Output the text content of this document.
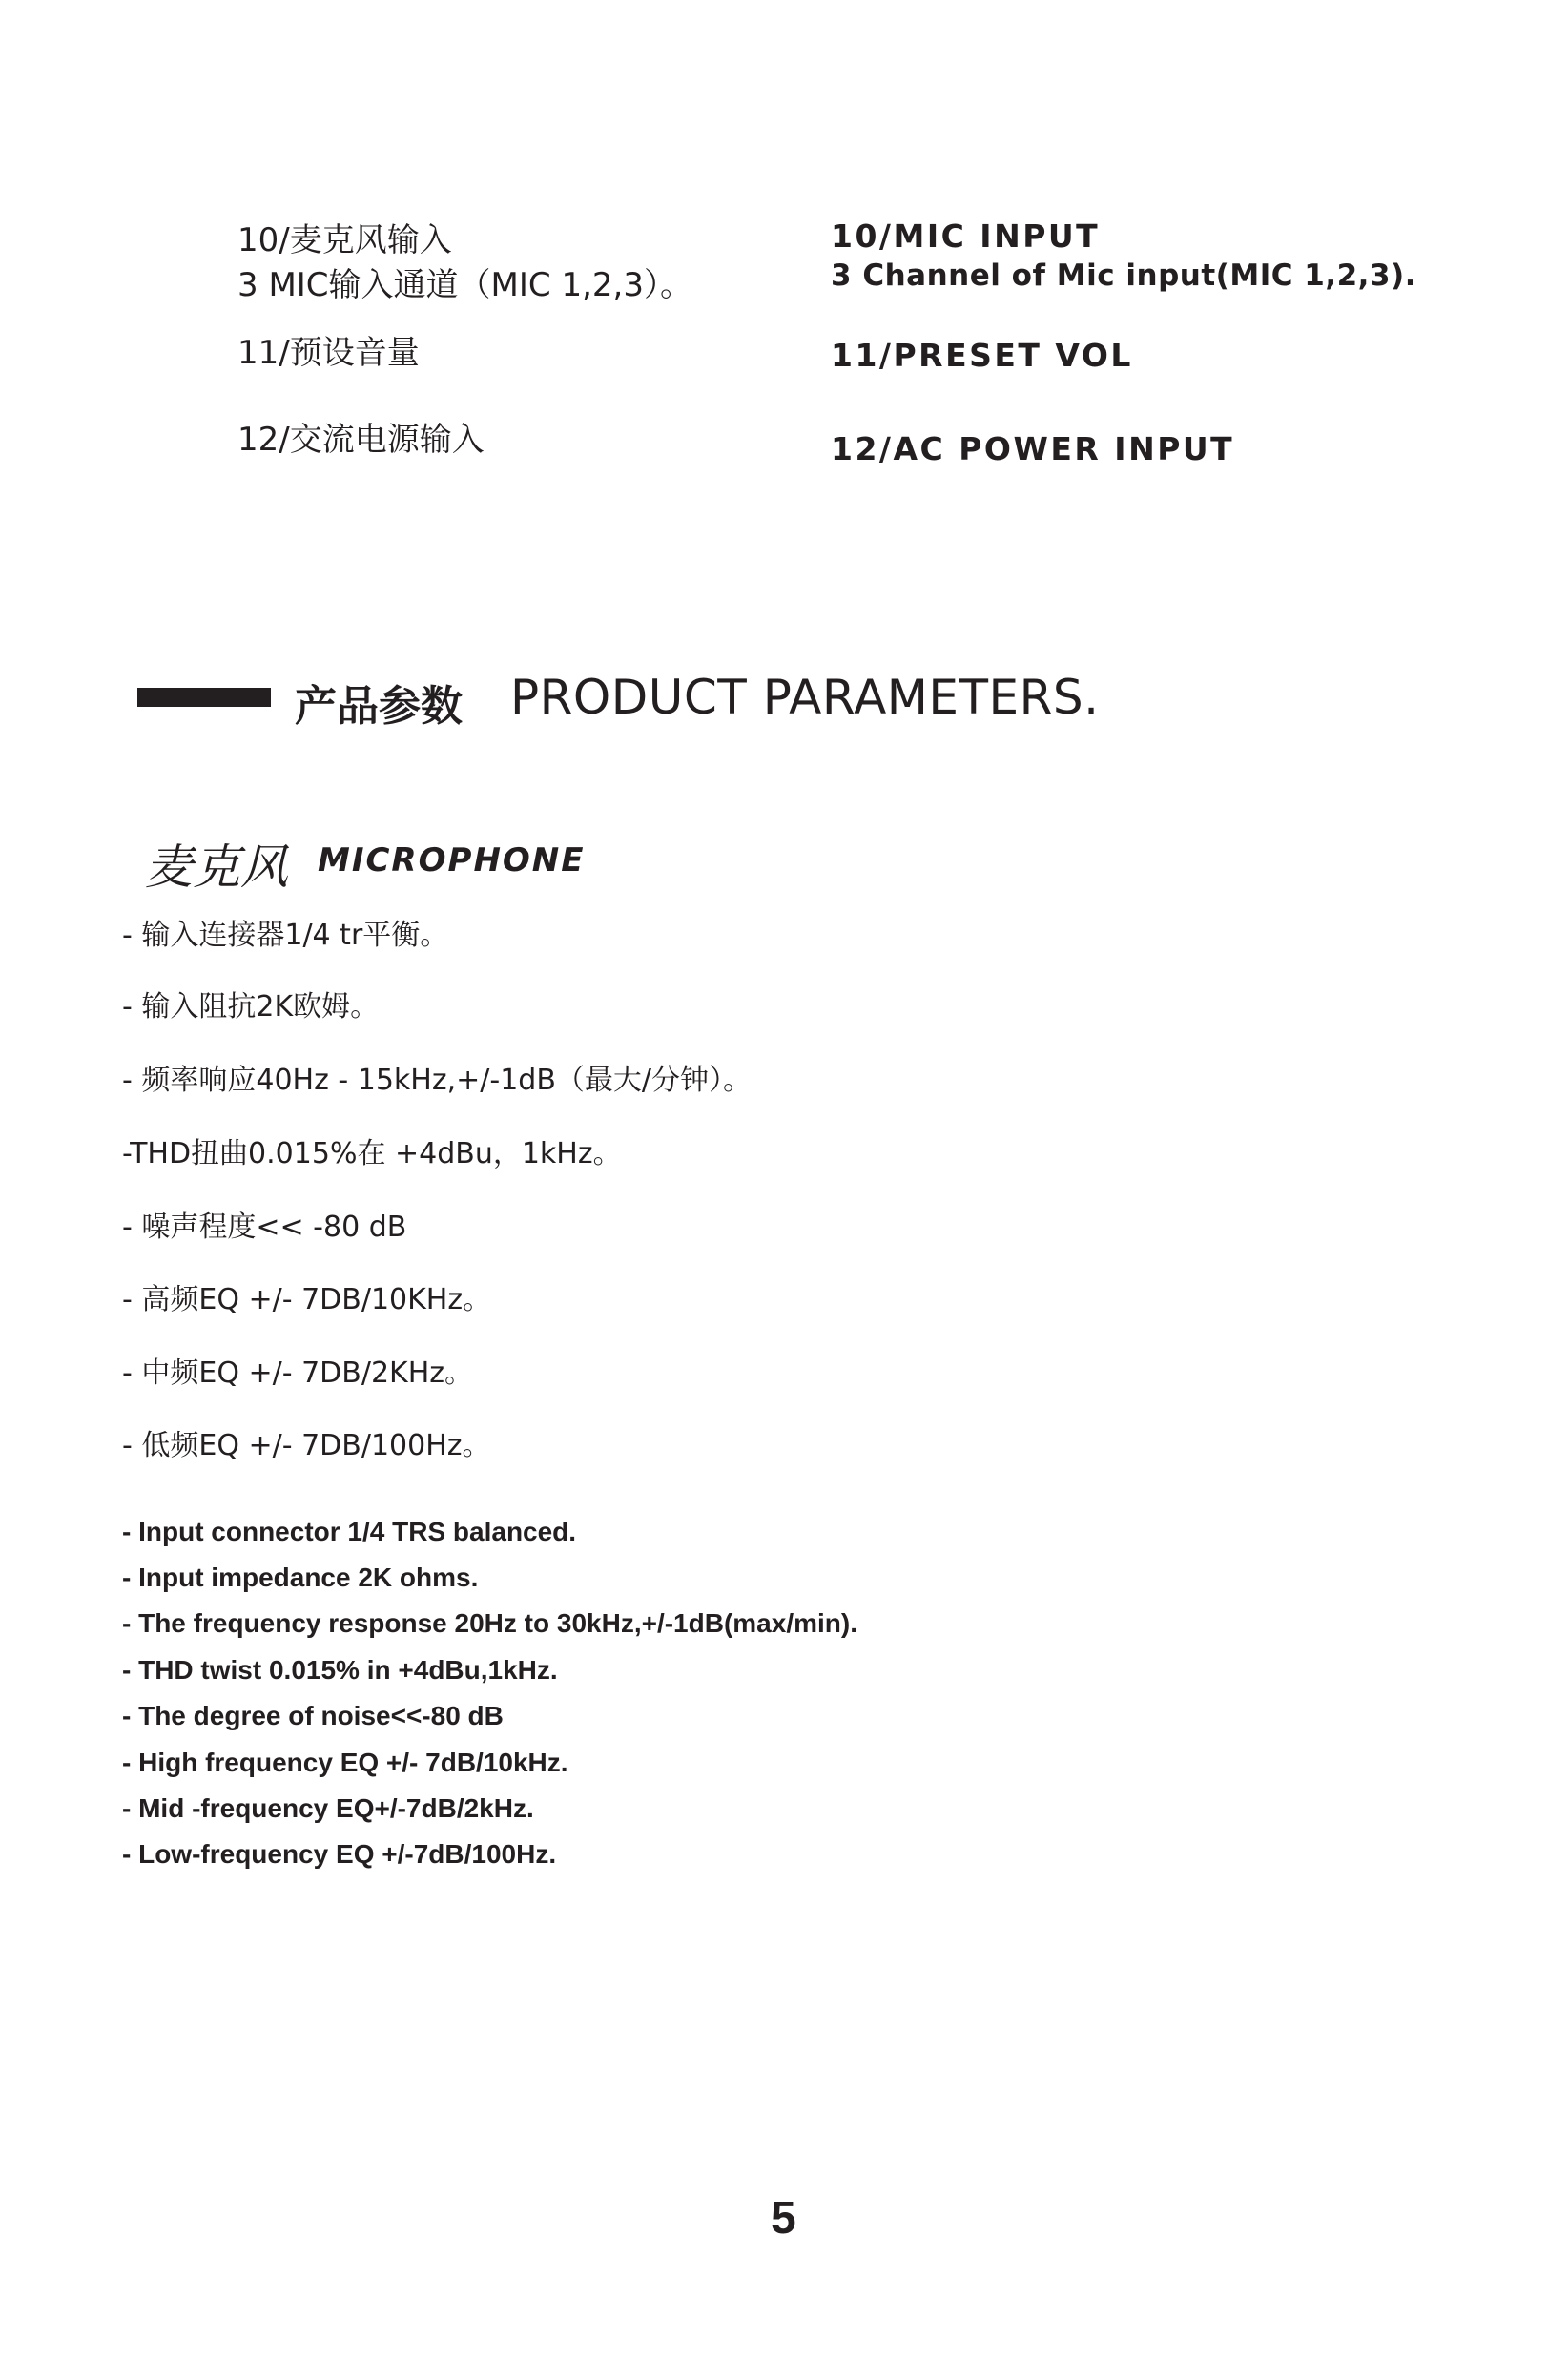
10/麦克风输入
3 MIC输入通道（MIC 1,2,3）。
11/预设音量
12/交流电源输入
10/MIC INPUT
3 Channel of Mic input(MIC 1,2,3).
11/PRESET VOL
12/AC POWER INPUT
产品参数 PRODUCT PARAMETERS.
麦克风 MICROPHONE
- 输入连接器1/4 tr平衡。
- 输入阻抗2K欧姆。
- 频率响应40Hz - 15kHz,+/-1dB（最大/分钟）。
-THD扭曲0.015%在 +4dBu，1kHz。
- 噪声程度<< -80 dB
- 高频EQ +/- 7DB/10KHz。
- 中频EQ +/- 7DB/2KHz。
- 低频EQ +/- 7DB/100Hz。
- Input connector 1/4 TRS balanced.
- Input impedance 2K ohms.
- The frequency response 20Hz to 30kHz,+/-1dB(max/min).
- THD twist 0.015% in +4dBu,1kHz.
- The degree of noise<<-80 dB
- High frequency EQ +/- 7dB/10kHz.
- Mid -frequency EQ+/-7dB/2kHz.
- Low-frequency EQ +/-7dB/100Hz.
5
